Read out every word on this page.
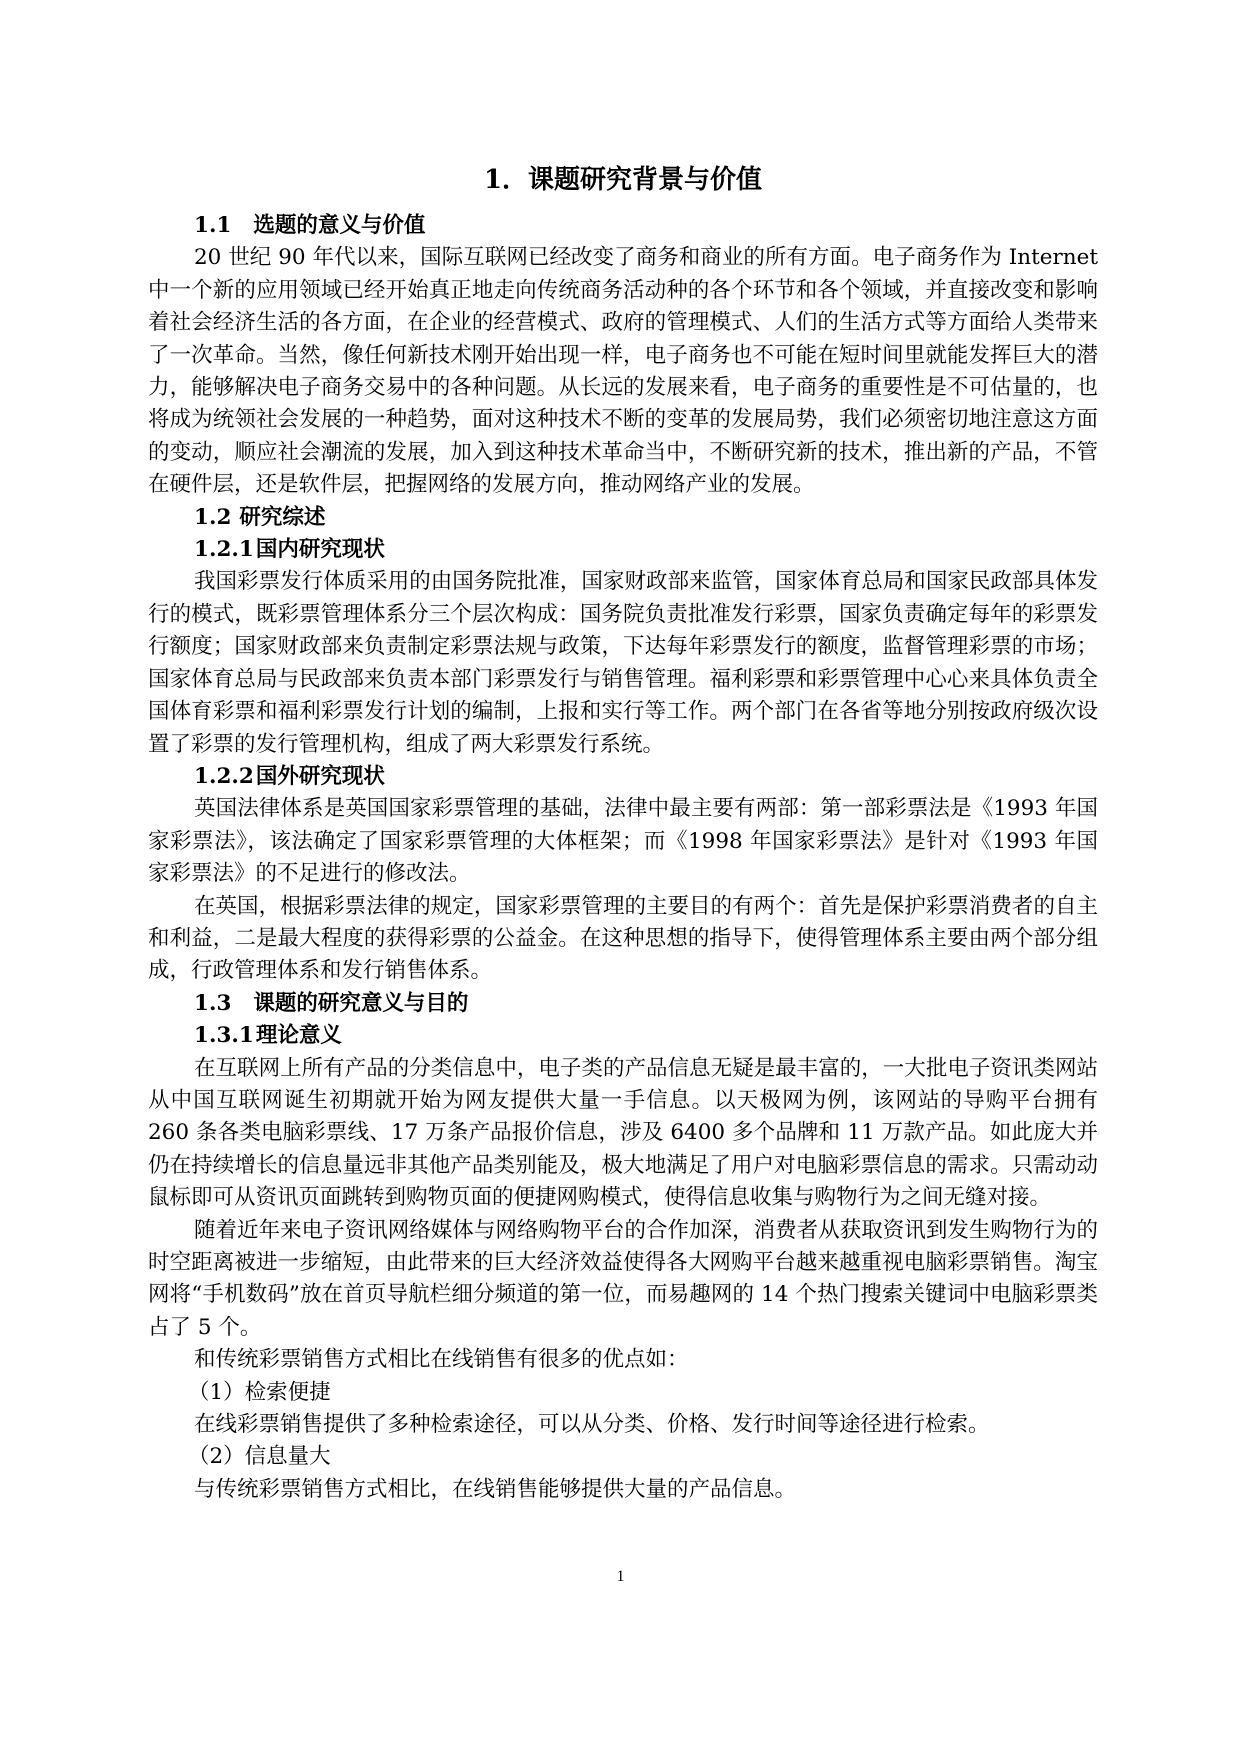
1．课题研究背景与价值
1.1 选题的意义与价值

20 世纪 90 年代以来，国际互联网已经改变了商务和商业的所有方面。电子商务作为 Internet 中一个新的应用领域已经开始真正地走向传统商务活动种的各个环节和各个领域，并直接改变和影响着社会经济生活的各方面，在企业的经营模式、政府的管理模式、人们的生活方式等方面给人类带来了一次革命。当然，像任何新技术刚开始出现一样，电子商务也不可能在短时间里就能发挥巨大的潜力，能够解决电子商务交易中的各种问题。从长远的发展来看，电子商务的重要性是不可估量的，也将成为统领社会发展的一种趋势，面对这种技术不断的变革的发展局势，我们必须密切地注意这方面的变动，顺应社会潮流的发展，加入到这种技术革命当中，不断研究新的技术，推出新的产品，不管在硬件层，还是软件层，把握网络的发展方向，推动网络产业的发展。

1.2 研究综述
1.2.1国内研究现状

我国彩票发行体质采用的由国务院批准，国家财政部来监管，国家体育总局和国家民政部具体发行的模式，既彩票管理体系分三个层次构成：国务院负责批准发行彩票，国家负责确定每年的彩票发行额度；国家财政部来负责制定彩票法规与政策，下达每年彩票发行的额度，监督管理彩票的市场；国家体育总局与民政部来负责本部门彩票发行与销售管理。福利彩票和彩票管理中心心来具体负责全国体育彩票和福利彩票发行计划的编制，上报和实行等工作。两个部门在各省等地分别按政府级次设置了彩票的发行管理机构，组成了两大彩票发行系统。

1.2.2国外研究现状

英国法律体系是英国国家彩票管理的基础，法律中最主要有两部：第一部彩票法是《1993 年国家彩票法》，该法确定了国家彩票管理的大体框架；而《1998 年国家彩票法》是针对《1993 年国家彩票法》的不足进行的修改法。

在英国，根据彩票法律的规定，国家彩票管理的主要目的有两个：首先是保护彩票消费者的自主和利益，二是最大程度的获得彩票的公益金。在这种思想的指导下，使得管理体系主要由两个部分组成，行政管理体系和发行销售体系。

1.3 课题的研究意义与目的
1.3.1理论意义

在互联网上所有产品的分类信息中，电子类的产品信息无疑是最丰富的，一大批电子资讯类网站从中国互联网诞生初期就开始为网友提供大量一手信息。以天极网为例，该网站的导购平台拥有 260 条各类电脑彩票线、17 万条产品报价信息，涉及 6400 多个品牌和 11 万款产品。如此庞大并仍在持续增长的信息量远非其他产品类别能及，极大地满足了用户对电脑彩票信息的需求。只需动动鼠标即可从资讯页面跳转到购物页面的便捷网购模式，使得信息收集与购物行为之间无缝对接。

随着近年来电子资讯网络媒体与网络购物平台的合作加深，消费者从获取资讯到发生购物行为的时空距离被进一步缩短，由此带来的巨大经济效益使得各大网购平台越来越重视电脑彩票销售。淘宝网将“手机数码”放在首页导航栏细分频道的第一位，而易趣网的 14 个热门搜索关键词中电脑彩票类占了 5 个。

和传统彩票销售方式相比在线销售有很多的优点如：

（1）检索便捷

在线彩票销售提供了多种检索途径，可以从分类、价格、发行时间等途径进行检索。

（2）信息量大

与传统彩票销售方式相比，在线销售能够提供大量的产品信息。

1
